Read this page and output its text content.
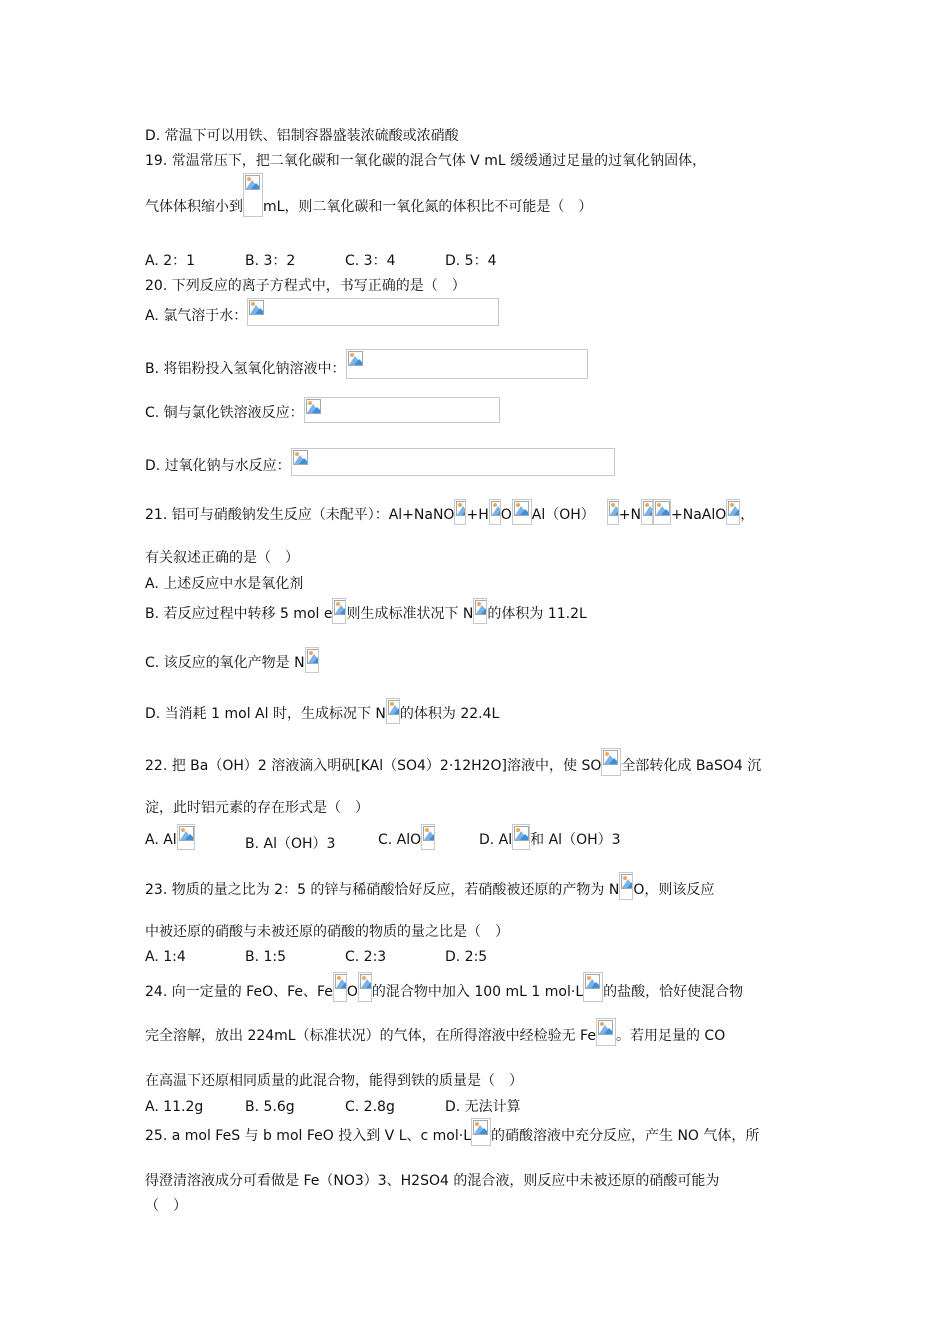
D. 常温下可以用铁、铝制容器盛装浓硫酸或浓硝酸
19. 常温常压下，把二氧化碳和一氧化碳的混合气体 V mL 缓缓通过足量的过氧化钠固体，
气体体积缩小到 mL，则二氧化碳和一氧化氮的体积比不可能是（　）
A. 2：1	B. 3：2	C. 3：4	D. 5：4
20. 下列反应的离子方程式中，书写正确的是（　）
A. 氯气溶于水：
B. 将铝粉投入氢氧化钠溶液中：
C. 铜与氯化铁溶液反应：
D. 过氧化钠与水反应：
21. 铝可与硝酸钠发生反应（未配平）：Al+NaNO +H O Al（OH） +N +NaAlO ，
有关叙述正确的是（　）
A. 上述反应中水是氧化剂
B. 若反应过程中转移 5 mol e 则生成标准状况下 N 的体积为 11.2L
C. 该反应的氧化产物是 N
D. 当消耗 1 mol Al 时，生成标况下 N 的体积为 22.4L
22. 把 Ba（OH）2 溶液滴入明矾[KAl（SO4）2·12H2O]溶液中，使 SO 全部转化成 BaSO4 沉
淀，此时铝元素的存在形式是（　）
A. Al	B. Al（OH）3	C. AlO	D. Al 和 Al（OH）3
23. 物质的量之比为 2：5 的锌与稀硝酸恰好反应，若硝酸被还原的产物为 N O，则该反应
中被还原的硝酸与未被还原的硝酸的物质的量之比是（　）
A. 1:4	B. 1:5	C. 2:3	D. 2:5
24. 向一定量的 FeO、Fe、Fe O 的混合物中加入 100 mL 1 mol·L 的盐酸，恰好使混合物
完全溶解，放出 224mL（标准状况）的气体，在所得溶液中经检验无 Fe 。若用足量的 CO
在高温下还原相同质量的此混合物，能得到铁的质量是（　）
A. 11.2g	B. 5.6g	C. 2.8g	D. 无法计算
25. a mol FeS 与 b mol FeO 投入到 V L、c mol·L 的硝酸溶液中充分反应，产生 NO 气体，所
得澄清溶液成分可看做是 Fe（NO3）3、H2SO4 的混合液，则反应中未被还原的硝酸可能为
（　）
